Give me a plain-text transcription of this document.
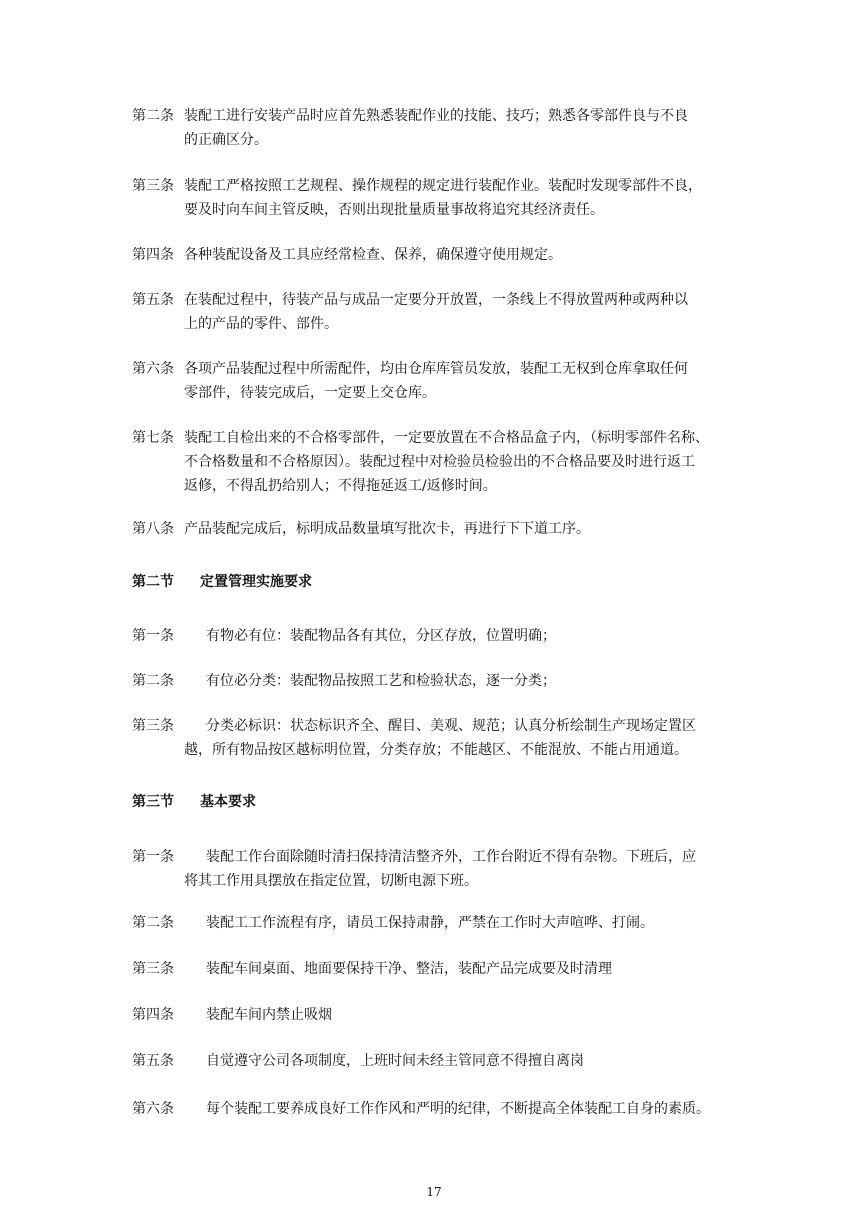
第二条 装配工进行安装产品时应首先熟悉装配作业的技能、技巧；熟悉各零部件良与不良
的正确区分。
第三条 装配工严格按照工艺规程、操作规程的规定进行装配作业。装配时发现零部件不良，
要及时向车间主管反映，否则出现批量质量事故将追究其经济责任。
第四条 各种装配设备及工具应经常检查、保养，确保遵守使用规定。
第五条 在装配过程中，待装产品与成品一定要分开放置，一条线上不得放置两种或两种以
上的产品的零件、部件。
第六条 各项产品装配过程中所需配件，均由仓库库管员发放，装配工无权到仓库拿取任何
零部件，待装完成后，一定要上交仓库。
第七条 装配工自检出来的不合格零部件，一定要放置在不合格品盒子内，（标明零部件名称、
不合格数量和不合格原因）。装配过程中对检验员检验出的不合格品要及时进行返工
返修，不得乱扔给别人；不得拖延返工/返修时间。
第八条 产品装配完成后，标明成品数量填写批次卡，再进行下下道工序。
第二节 定置管理实施要求
第一条 有物必有位：装配物品各有其位，分区存放，位置明确；
第二条 有位必分类：装配物品按照工艺和检验状态，逐一分类；
第三条 分类必标识：状态标识齐全、醒目、美观、规范；认真分析绘制生产现场定置区
越，所有物品按区越标明位置，分类存放；不能越区、不能混放、不能占用通道。
第三节 基本要求
第一条 装配工作台面除随时清扫保持清洁整齐外，工作台附近不得有杂物。下班后，应
将其工作用具摆放在指定位置，切断电源下班。
第二条 装配工工作流程有序，请员工保持肃静，严禁在工作时大声喧哗、打闹。
第三条 装配车间桌面、地面要保持干净、整洁，装配产品完成要及时清理
第四条 装配车间内禁止吸烟
第五条 自觉遵守公司各项制度，上班时间未经主管同意不得擅自离岗
第六条 每个装配工要养成良好工作作风和严明的纪律，不断提高全体装配工自身的素质。
17
